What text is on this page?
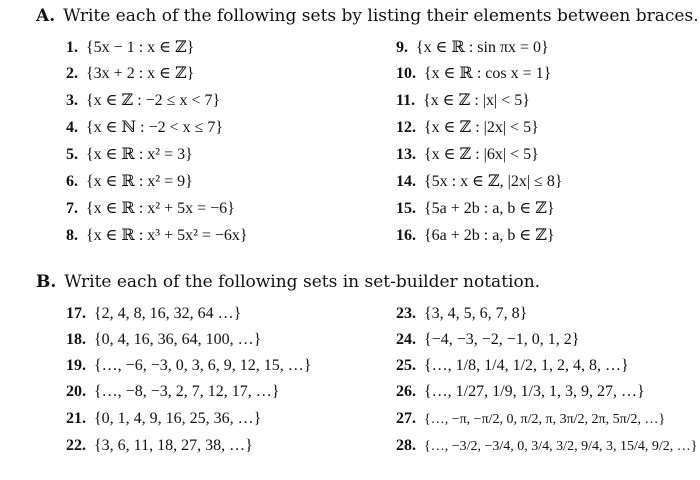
A. Write each of the following sets by listing their elements between braces.
1. {5x − 1 : x ∈ ℤ}
2. {3x + 2 : x ∈ ℤ}
3. {x ∈ ℤ : −2 ≤ x < 7}
4. {x ∈ ℕ : −2 < x ≤ 7}
5. {x ∈ ℝ : x² = 3}
6. {x ∈ ℝ : x² = 9}
7. {x ∈ ℝ : x² + 5x = −6}
8. {x ∈ ℝ : x³ + 5x² = −6x}
9. {x ∈ ℝ : sin πx = 0}
10. {x ∈ ℝ : cos x = 1}
11. {x ∈ ℤ : |x| < 5}
12. {x ∈ ℤ : |2x| < 5}
13. {x ∈ ℤ : |6x| < 5}
14. {5x : x ∈ ℤ, |2x| ≤ 8}
15. {5a + 2b : a, b ∈ ℤ}
16. {6a + 2b : a, b ∈ ℤ}
B. Write each of the following sets in set-builder notation.
17. {2, 4, 8, 16, 32, 64 …}
18. {0, 4, 16, 36, 64, 100, …}
19. {…, −6, −3, 0, 3, 6, 9, 12, 15, …}
20. {…, −8, −3, 2, 7, 12, 17, …}
21. {0, 1, 4, 9, 16, 25, 36, …}
22. {3, 6, 11, 18, 27, 38, …}
23. {3, 4, 5, 6, 7, 8}
24. {−4, −3, −2, −1, 0, 1, 2}
25. {…, 1/8, 1/4, 1/2, 1, 2, 4, 8, …}
26. {…, 1/27, 1/9, 1/3, 1, 3, 9, 27, …}
27. {…, −π, −π/2, 0, π/2, π, 3π/2, 2π, 5π/2, …}
28. {…, −3/2, −3/4, 0, 3/4, 3/2, 9/4, 3, 15/4, 9/2, …}
